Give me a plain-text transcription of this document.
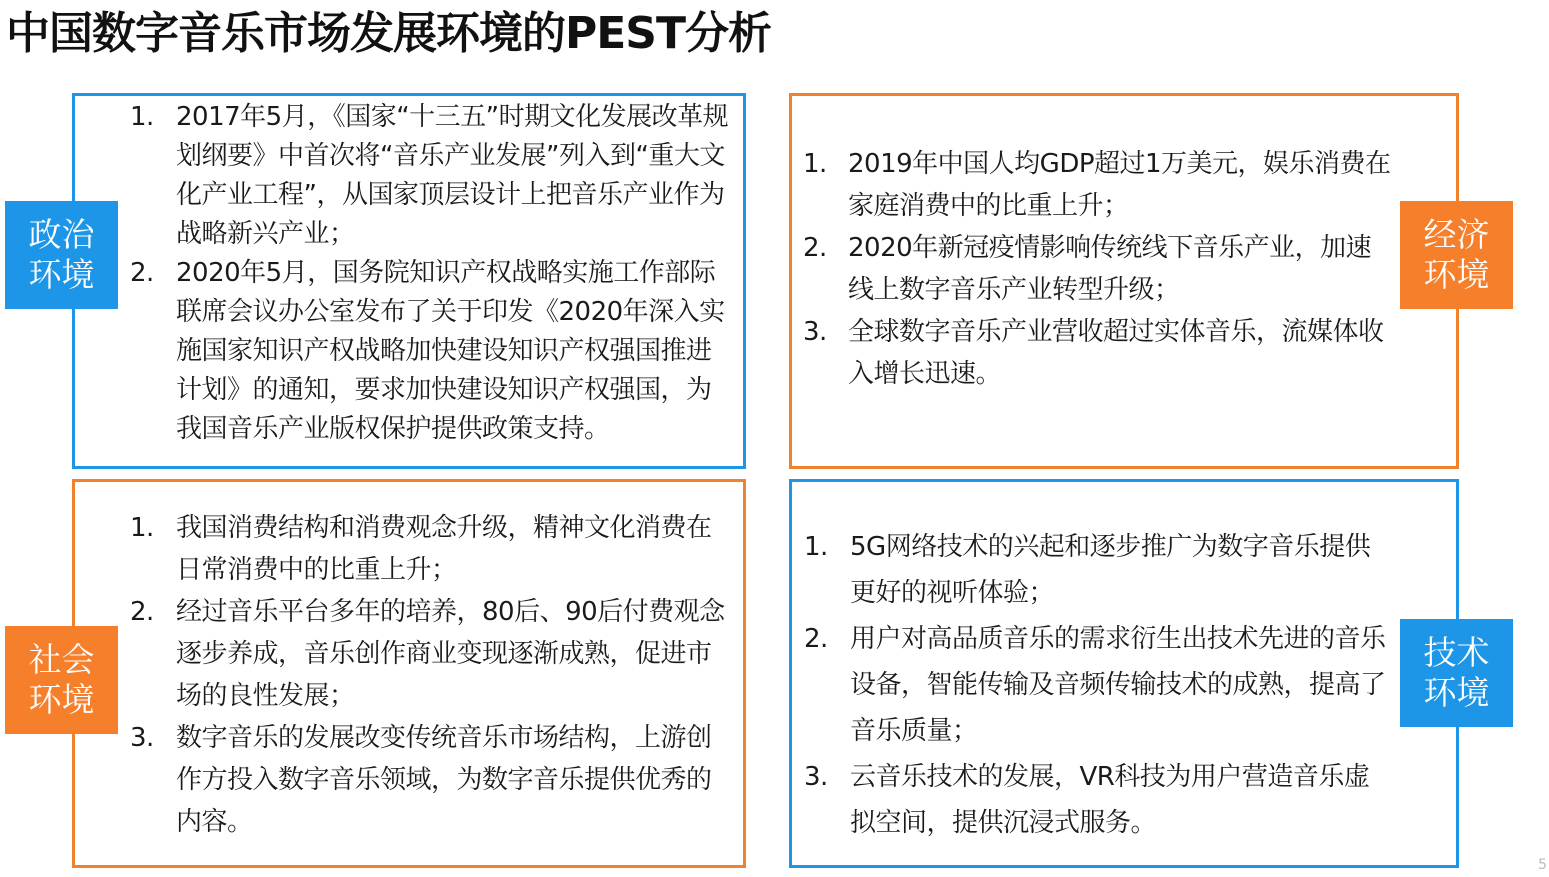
中国数字音乐市场发展环境的PEST分析
1. 2017年5月，《国家“十三五”时期文化发展改革规划纲要》中首次将“音乐产业发展”列入到“重大文化产业工程”，从国家顶层设计上把音乐产业作为战略新兴产业；
2. 2020年5月，国务院知识产权战略实施工作部际联席会议办公室发布了关于印发《2020年深入实施国家知识产权战略加快建设知识产权强国推进计划》的通知，要求加快建设知识产权强国，为我国音乐产业版权保护提供政策支持。
政治
环境
1. 2019年中国人均GDP超过1万美元，娱乐消费在家庭消费中的比重上升；
2. 2020年新冠疫情影响传统线下音乐产业，加速线上数字音乐产业转型升级；
3. 全球数字音乐产业营收超过实体音乐，流媒体收入增长迅速。
经济
环境
1. 我国消费结构和消费观念升级，精神文化消费在日常消费中的比重上升；
2. 经过音乐平台多年的培养，80后、90后付费观念逐步养成，音乐创作商业变现逐渐成熟，促进市场的良性发展；
3. 数字音乐的发展改变传统音乐市场结构，上游创作方投入数字音乐领域，为数字音乐提供优秀的内容。
社会
环境
1. 5G网络技术的兴起和逐步推广为数字音乐提供更好的视听体验；
2. 用户对高品质音乐的需求衍生出技术先进的音乐设备，智能传输及音频传输技术的成熟，提高了音乐质量；
3. 云音乐技术的发展，VR科技为用户营造音乐虚拟空间，提供沉浸式服务。
技术
环境
5
